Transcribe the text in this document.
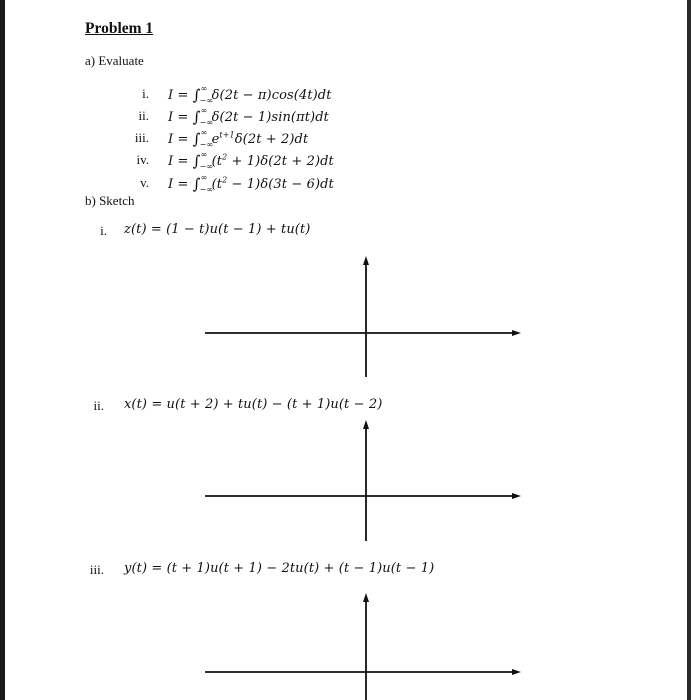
Problem 1
a) Evaluate
i. I = ∫ ∞
−∞
δ(2t − π)cos(4t)dt
ii. I = ∫ ∞
−∞
δ(2t − 1)sin(πt)dt
iii. I = ∫ ∞
−∞
$e^{t+1}\delta(2t + 2)dt$
iv. I = ∫ ∞
−∞
$(t^2 + 1)\delta(2t + 2)dt$
v. I = ∫ ∞
−∞
$(t^2 - 1)\delta(3t - 6)dt$
b) Sketch
i. z(t) = (1 − t)u(t − 1) + tu(t)
ii. x(t) = u(t + 2) + tu(t) − (t + 1)u(t − 2)
iii. y(t) = (t + 1)u(t + 1) − 2tu(t) + (t − 1)u(t − 1)
